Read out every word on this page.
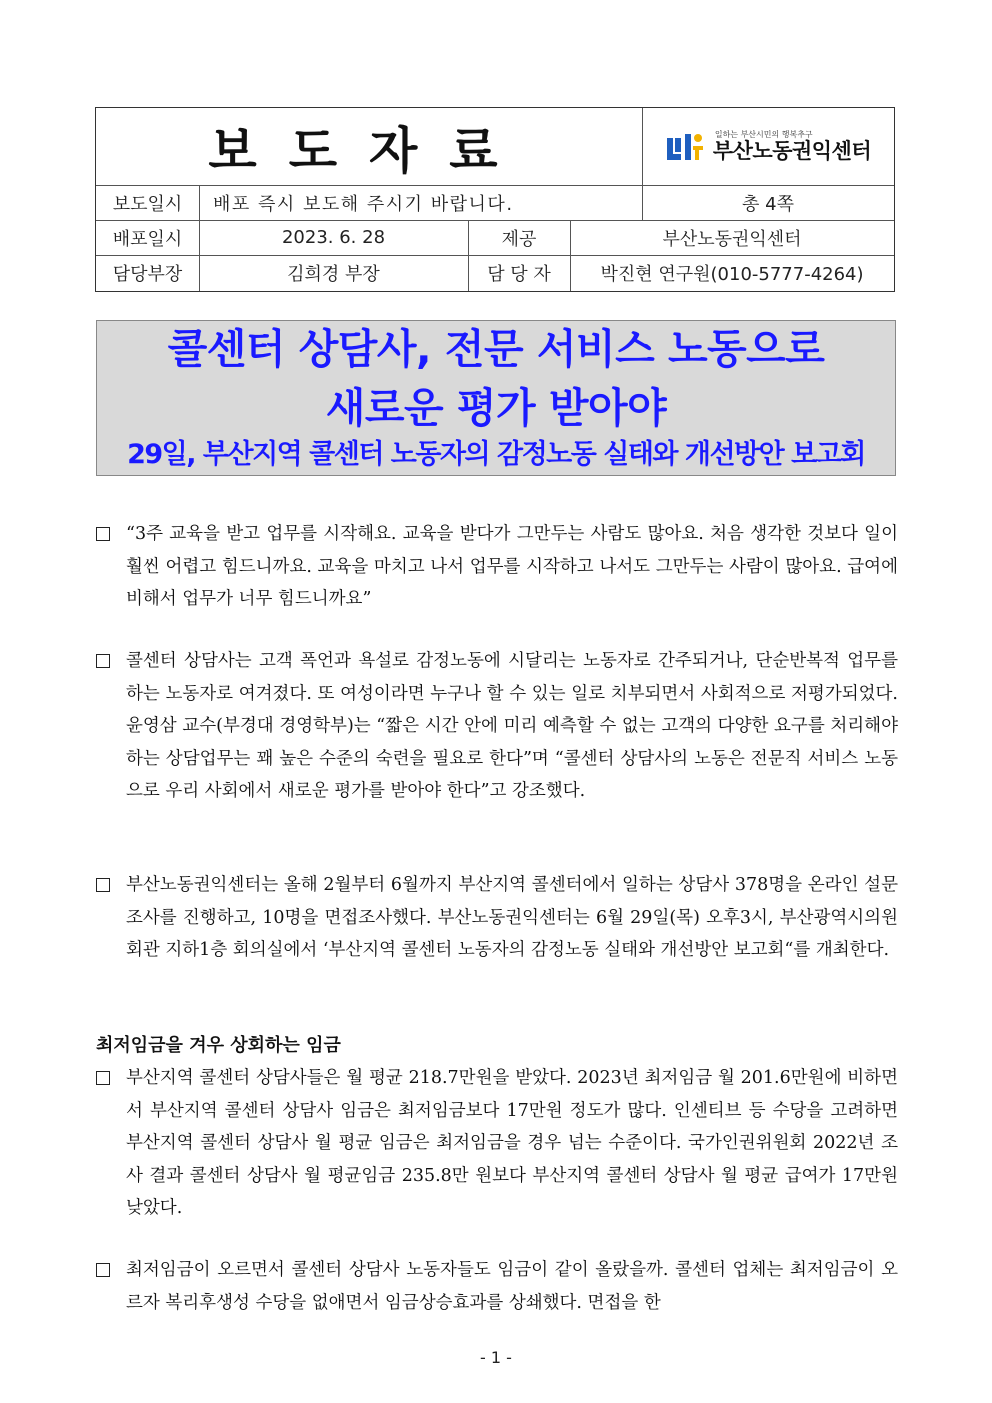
보도자료	일하는 부산시민의 행복추구
부산노동권익센터
보도일시	배포 즉시 보도해 주시기 바랍니다.	총 4쪽
배포일시	2023. 6. 28	제공	부산노동권익센터
담당부장	김희경 부장	담 당 자	박진현 연구원(010-5777-4264)
콜센터 상담사, 전문 서비스 노동으로
새로운 평가 받아야
29일, 부산지역 콜센터 노동자의 감정노동 실태와 개선방안 보고회
“3주 교육을 받고 업무를 시작해요. 교육을 받다가 그만두는 사람도 많아요. 처음 생각한 것보다 일이 훨씬 어렵고 힘드니까요. 교육을 마치고 나서 업무를 시작하고 나서도 그만두는 사람이 많아요. 급여에 비해서 업무가 너무 힘드니까요”
콜센터 상담사는 고객 폭언과 욕설로 감정노동에 시달리는 노동자로 간주되거나, 단순반복적 업무를 하는 노동자로 여겨졌다. 또 여성이라면 누구나 할 수 있는 일로 치부되면서 사회적으로 저평가되었다. 윤영삼 교수(부경대 경영학부)는 “짧은 시간 안에 미리 예측할 수 없는 고객의 다양한 요구를 처리해야 하는 상담업무는 꽤 높은 수준의 숙련을 필요로 한다”며 “콜센터 상담사의 노동은 전문직 서비스 노동으로 우리 사회에서 새로운 평가를 받아야 한다”고 강조했다.
부산노동권익센터는 올해 2월부터 6월까지 부산지역 콜센터에서 일하는 상담사 378명을 온라인 설문조사를 진행하고, 10명을 면접조사했다. 부산노동권익센터는 6월 29일(목) 오후3시, 부산광역시의원회관 지하1층 회의실에서 ‘부산지역 콜센터 노동자의 감정노동 실태와 개선방안 보고회“를 개최한다.
최저임금을 겨우 상회하는 임금
부산지역 콜센터 상담사들은 월 평균 218.7만원을 받았다. 2023년 최저임금 월 201.6만원에 비하면서 부산지역 콜센터 상담사 임금은 최저임금보다 17만원 정도가 많다. 인센티브 등 수당을 고려하면 부산지역 콜센터 상담사 월 평균 임금은 최저임금을 경우 넘는 수준이다. 국가인권위원회 2022년 조사 결과 콜센터 상담사 월 평균임금 235.8만 원보다 부산지역 콜센터 상담사 월 평균 급여가 17만원 낮았다.
최저임금이 오르면서 콜센터 상담사 노동자들도 임금이 같이 올랐을까. 콜센터 업체는 최저임금이 오르자 복리후생성 수당을 없애면서 임금상승효과를 상쇄했다. 면접을 한
- 1 -
